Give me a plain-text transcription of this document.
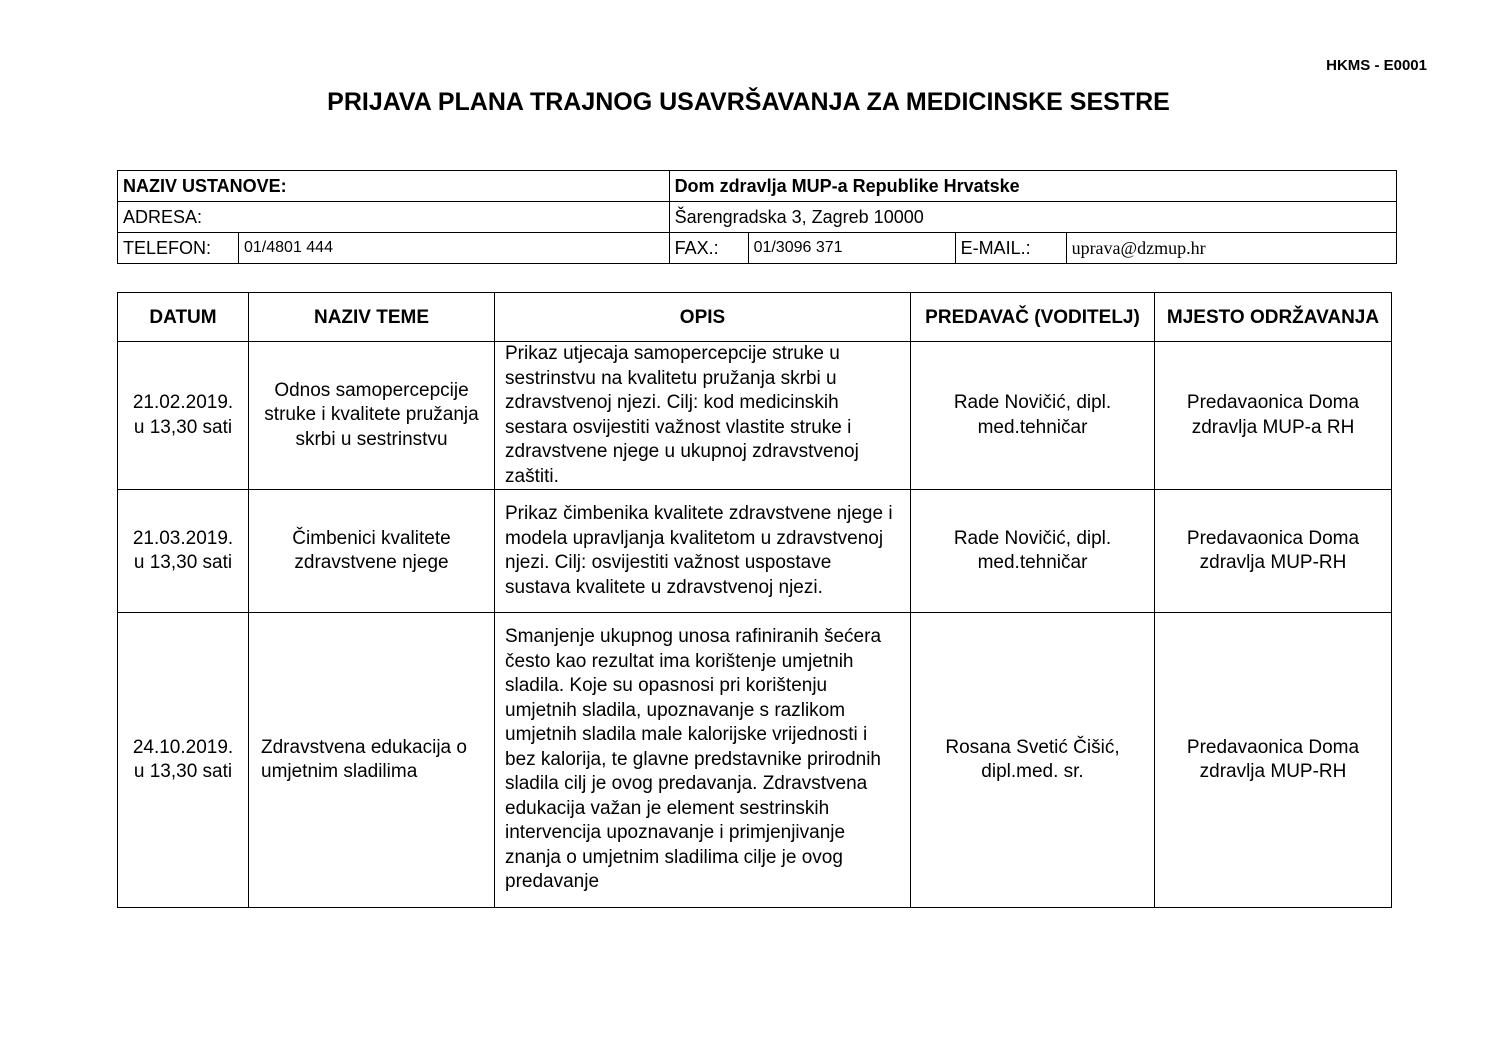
HKMS - E0001
PRIJAVA PLANA TRAJNOG USAVRŠAVANJA ZA MEDICINSKE SESTRE
NAZIV USTANOVE:		Dom zdravlja MUP-a Republike Hrvatske			
ADRESA:		Šarengradska 3, Zagreb 10000			
TELEFON:	01/4801 444	FAX.:	01/3096 371	E-MAIL.:	uprava@dzmup.hr
DATUM	NAZIV TEME	OPIS	PREDAVAČ (VODITELJ)	MJESTO ODRŽAVANJA
21.02.2019.
u 13,30 sati	Odnos samopercepcije struke i kvalitete pružanja skrbi u sestrinstvu	Prikaz utjecaja samopercepcije struke u sestrinstvu na kvalitetu pružanja skrbi u zdravstvenoj njezi. Cilj: kod medicinskih sestara osvijestiti važnost vlastite struke i zdravstvene njege u ukupnoj zdravstvenoj zaštiti.	Rade Novičić, dipl. med.tehničar	Predavaonica Doma zdravlja MUP-a RH
21.03.2019.
u 13,30 sati	Čimbenici kvalitete zdravstvene njege	Prikaz čimbenika kvalitete zdravstvene njege i modela upravljanja kvalitetom u zdravstvenoj njezi. Cilj: osvijestiti važnost uspostave sustava kvalitete u zdravstvenoj njezi.	Rade Novičić, dipl. med.tehničar	Predavaonica Doma zdravlja MUP-RH
24.10.2019.
u 13,30 sati	Zdravstvena edukacija o umjetnim sladilima	Smanjenje ukupnog unosa rafiniranih šećera često kao rezultat ima korištenje umjetnih sladila. Koje su opasnosi pri korištenju umjetnih sladila, upoznavanje s razlikom umjetnih sladila male kalorijske vrijednosti i bez kalorija, te glavne predstavnike prirodnih sladila cilj je ovog predavanja. Zdravstvena edukacija važan je element sestrinskih intervencija upoznavanje i primjenjivanje znanja o umjetnim sladilima cilje je ovog predavanje	Rosana Svetić Čišić, dipl.med. sr.	Predavaonica Doma zdravlja MUP-RH
